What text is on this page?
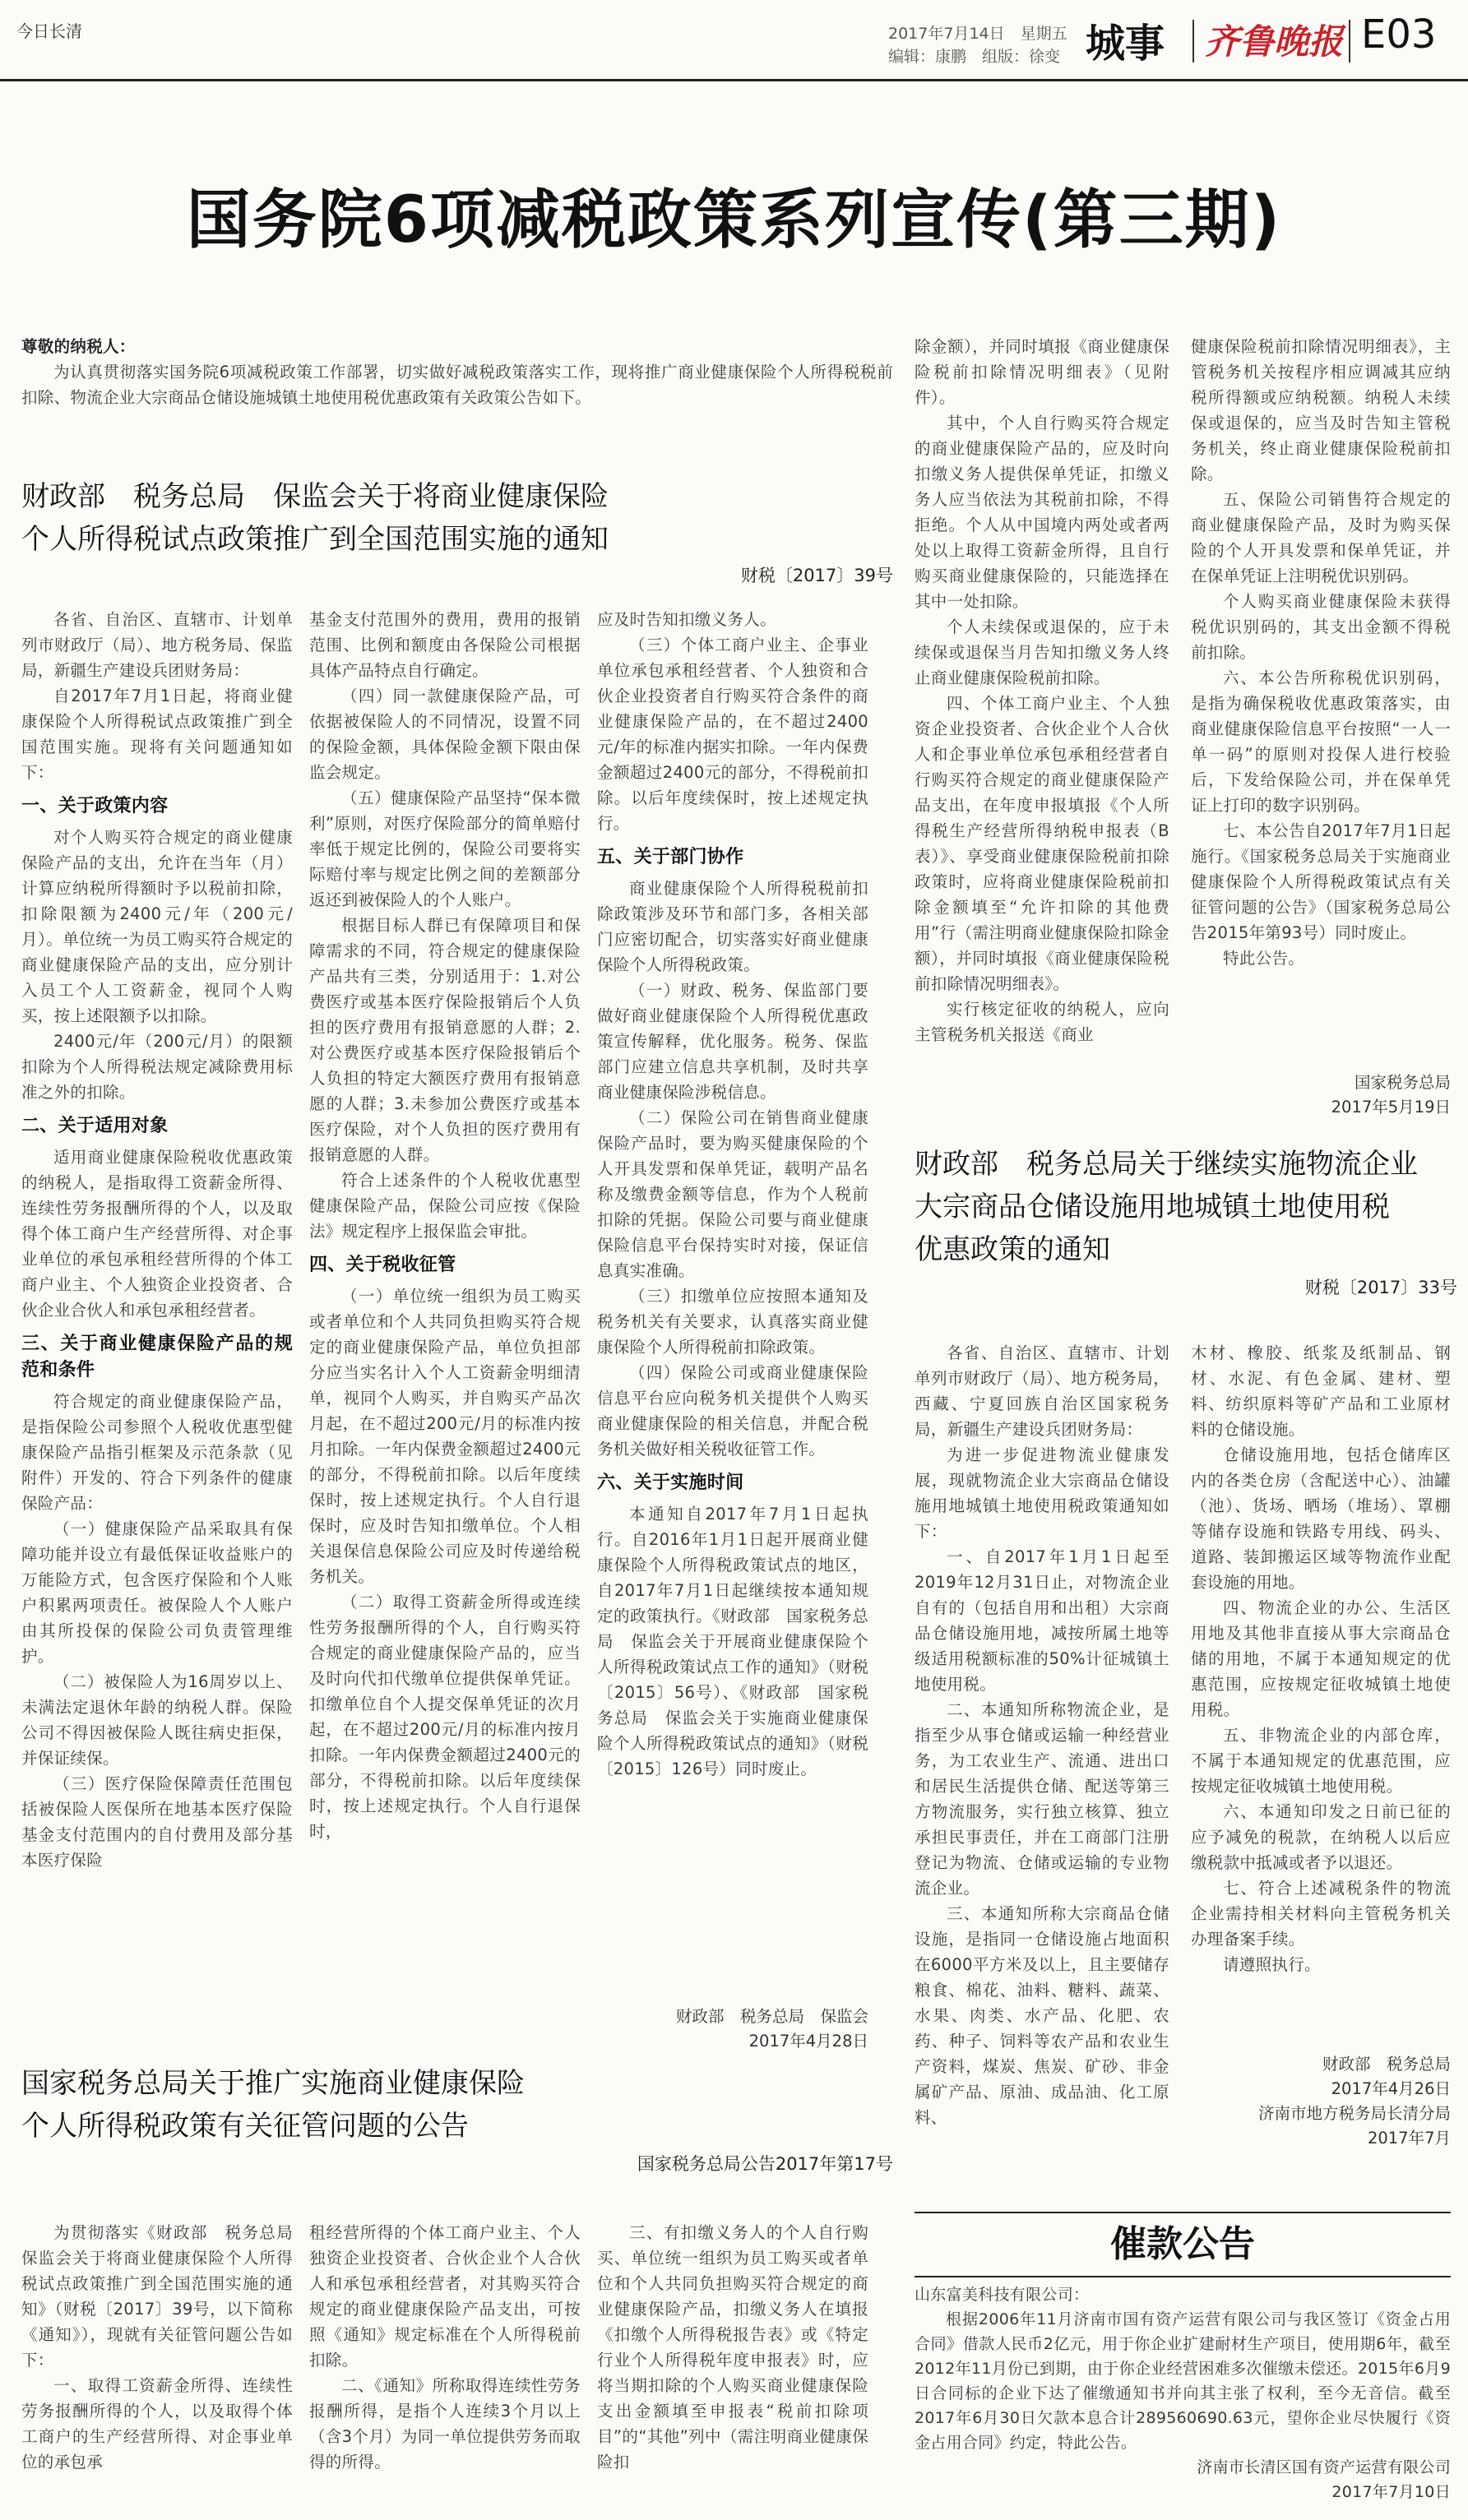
今日长清	2017年7月14日　星期五
编辑：康鹏　组版：徐变 城事 齐鲁晚报 E03
国务院6项减税政策系列宣传(第三期)
尊敬的纳税人：

为认真贯彻落实国务院6项减税政策工作部署，切实做好减税政策落实工作，现将推广商业健康保险个人所得税税前扣除、物流企业大宗商品仓储设施城镇土地使用税优惠政策有关政策公告如下。

财政部　税务总局　保监会关于将商业健康保险
个人所得税试点政策推广到全国范围实施的通知
财税〔2017〕39号

各省、自治区、直辖市、计划单列市财政厅（局）、地方税务局、保监局，新疆生产建设兵团财务局：

自2017年7月1日起，将商业健康保险个人所得税试点政策推广到全国范围实施。现将有关问题通知如下：

一、关于政策内容

对个人购买符合规定的商业健康保险产品的支出，允许在当年（月）计算应纳税所得额时予以税前扣除，扣除限额为2400元/年（200元/月）。单位统一为员工购买符合规定的商业健康保险产品的支出，应分别计入员工个人工资薪金，视同个人购买，按上述限额予以扣除。

2400元/年（200元/月）的限额扣除为个人所得税法规定减除费用标准之外的扣除。

二、关于适用对象

适用商业健康保险税收优惠政策的纳税人，是指取得工资薪金所得、连续性劳务报酬所得的个人，以及取得个体工商户生产经营所得、对企事业单位的承包承租经营所得的个体工商户业主、个人独资企业投资者、合伙企业合伙人和承包承租经营者。

三、关于商业健康保险产品的规范和条件

符合规定的商业健康保险产品，是指保险公司参照个人税收优惠型健康保险产品指引框架及示范条款（见附件）开发的、符合下列条件的健康保险产品：

（一）健康保险产品采取具有保障功能并设立有最低保证收益账户的万能险方式，包含医疗保险和个人账户积累两项责任。被保险人个人账户由其所投保的保险公司负责管理维护。

（二）被保险人为16周岁以上、未满法定退休年龄的纳税人群。保险公司不得因被保险人既往病史拒保，并保证续保。

（三）医疗保险保障责任范围包括被保险人医保所在地基本医疗保险基金支付范围内的自付费用及部分基本医疗保险

基金支付范围外的费用，费用的报销范围、比例和额度由各保险公司根据具体产品特点自行确定。

（四）同一款健康保险产品，可依据被保险人的不同情况，设置不同的保险金额，具体保险金额下限由保监会规定。

（五）健康保险产品坚持“保本微利”原则，对医疗保险部分的简单赔付率低于规定比例的，保险公司要将实际赔付率与规定比例之间的差额部分返还到被保险人的个人账户。

根据目标人群已有保障项目和保障需求的不同，符合规定的健康保险产品共有三类，分别适用于：1.对公费医疗或基本医疗保险报销后个人负担的医疗费用有报销意愿的人群；2.对公费医疗或基本医疗保险报销后个人负担的特定大额医疗费用有报销意愿的人群；3.未参加公费医疗或基本医疗保险，对个人负担的医疗费用有报销意愿的人群。

符合上述条件的个人税收优惠型健康保险产品，保险公司应按《保险法》规定程序上报保监会审批。

四、关于税收征管

（一）单位统一组织为员工购买或者单位和个人共同负担购买符合规定的商业健康保险产品，单位负担部分应当实名计入个人工资薪金明细清单，视同个人购买，并自购买产品次月起，在不超过200元/月的标准内按月扣除。一年内保费金额超过2400元的部分，不得税前扣除。以后年度续保时，按上述规定执行。个人自行退保时，应及时告知扣缴单位。个人相关退保信息保险公司应及时传递给税务机关。

（二）取得工资薪金所得或连续性劳务报酬所得的个人，自行购买符合规定的商业健康保险产品的，应当及时向代扣代缴单位提供保单凭证。扣缴单位自个人提交保单凭证的次月起，在不超过200元/月的标准内按月扣除。一年内保费金额超过2400元的部分，不得税前扣除。以后年度续保时，按上述规定执行。个人自行退保时，

应及时告知扣缴义务人。

（三）个体工商户业主、企事业单位承包承租经营者、个人独资和合伙企业投资者自行购买符合条件的商业健康保险产品的，在不超过2400元/年的标准内据实扣除。一年内保费金额超过2400元的部分，不得税前扣除。以后年度续保时，按上述规定执行。

五、关于部门协作

商业健康保险个人所得税税前扣除政策涉及环节和部门多，各相关部门应密切配合，切实落实好商业健康保险个人所得税政策。

（一）财政、税务、保监部门要做好商业健康保险个人所得税优惠政策宣传解释，优化服务。税务、保监部门应建立信息共享机制，及时共享商业健康保险涉税信息。

（二）保险公司在销售商业健康保险产品时，要为购买健康保险的个人开具发票和保单凭证，载明产品名称及缴费金额等信息，作为个人税前扣除的凭据。保险公司要与商业健康保险信息平台保持实时对接，保证信息真实准确。

（三）扣缴单位应按照本通知及税务机关有关要求，认真落实商业健康保险个人所得税前扣除政策。

（四）保险公司或商业健康保险信息平台应向税务机关提供个人购买商业健康保险的相关信息，并配合税务机关做好相关税收征管工作。

六、关于实施时间

本通知自2017年7月1日起执行。自2016年1月1日起开展商业健康保险个人所得税政策试点的地区，自2017年7月1日起继续按本通知规定的政策执行。《财政部　国家税务总局　保监会关于开展商业健康保险个人所得税政策试点工作的通知》（财税〔2015〕56号）、《财政部　国家税务总局　保监会关于实施商业健康保险个人所得税政策试点的通知》（财税〔2015〕126号）同时废止。

财政部　税务总局　保监会
2017年4月28日

除金额），并同时填报《商业健康保险税前扣除情况明细表》（见附件）。

其中，个人自行购买符合规定的商业健康保险产品的，应及时向扣缴义务人提供保单凭证，扣缴义务人应当依法为其税前扣除，不得拒绝。个人从中国境内两处或者两处以上取得工资薪金所得，且自行购买商业健康保险的，只能选择在其中一处扣除。

个人未续保或退保的，应于未续保或退保当月告知扣缴义务人终止商业健康保险税前扣除。

四、个体工商户业主、个人独资企业投资者、合伙企业个人合伙人和企事业单位承包承租经营者自行购买符合规定的商业健康保险产品支出，在年度申报填报《个人所得税生产经营所得纳税申报表（B表）》、享受商业健康保险税前扣除政策时，应将商业健康保险税前扣除金额填至“允许扣除的其他费用”行（需注明商业健康保险扣除金额），并同时填报《商业健康保险税前扣除情况明细表》。

实行核定征收的纳税人，应向主管税务机关报送《商业

健康保险税前扣除情况明细表》，主管税务机关按程序相应调减其应纳税所得额或应纳税额。纳税人未续保或退保的，应当及时告知主管税务机关，终止商业健康保险税前扣除。

五、保险公司销售符合规定的商业健康保险产品，及时为购买保险的个人开具发票和保单凭证，并在保单凭证上注明税优识别码。

个人购买商业健康保险未获得税优识别码的，其支出金额不得税前扣除。

六、本公告所称税优识别码，是指为确保税收优惠政策落实，由商业健康保险信息平台按照“一人一单一码”的原则对投保人进行校验后，下发给保险公司，并在保单凭证上打印的数字识别码。

七、本公告自2017年7月1日起施行。《国家税务总局关于实施商业健康保险个人所得税政策试点有关征管问题的公告》（国家税务总局公告2015年第93号）同时废止。

特此公告。

国家税务总局
2017年5月19日
国家税务总局关于推广实施商业健康保险
个人所得税政策有关征管问题的公告
国家税务总局公告2017年第17号

为贯彻落实《财政部　税务总局　保监会关于将商业健康保险个人所得税试点政策推广到全国范围实施的通知》（财税〔2017〕39号，以下简称《通知》），现就有关征管问题公告如下：

一、取得工资薪金所得、连续性劳务报酬所得的个人，以及取得个体工商户的生产经营所得、对企事业单位的承包承

租经营所得的个体工商户业主、个人独资企业投资者、合伙企业个人合伙人和承包承租经营者，对其购买符合规定的商业健康保险产品支出，可按照《通知》规定标准在个人所得税前扣除。

二、《通知》所称取得连续性劳务报酬所得，是指个人连续3个月以上（含3个月）为同一单位提供劳务而取得的所得。

三、有扣缴义务人的个人自行购买、单位统一组织为员工购买或者单位和个人共同负担购买符合规定的商业健康保险产品，扣缴义务人在填报《扣缴个人所得税报告表》或《特定行业个人所得税年度申报表》时，应将当期扣除的个人购买商业健康保险支出金额填至申报表“税前扣除项目”的“其他”列中（需注明商业健康保险扣

财政部　税务总局关于继续实施物流企业
大宗商品仓储设施用地城镇土地使用税
优惠政策的通知
财税〔2017〕33号

各省、自治区、直辖市、计划单列市财政厅（局）、地方税务局，西藏、宁夏回族自治区国家税务局，新疆生产建设兵团财务局：

为进一步促进物流业健康发展，现就物流企业大宗商品仓储设施用地城镇土地使用税政策通知如下：

一、自2017年1月1日起至2019年12月31日止，对物流企业自有的（包括自用和出租）大宗商品仓储设施用地，减按所属土地等级适用税额标准的50%计征城镇土地使用税。

二、本通知所称物流企业，是指至少从事仓储或运输一种经营业务，为工农业生产、流通、进出口和居民生活提供仓储、配送等第三方物流服务，实行独立核算、独立承担民事责任，并在工商部门注册登记为物流、仓储或运输的专业物流企业。

三、本通知所称大宗商品仓储设施，是指同一仓储设施占地面积在6000平方米及以上，且主要储存粮食、棉花、油料、糖料、蔬菜、水果、肉类、水产品、化肥、农药、种子、饲料等农产品和农业生产资料，煤炭、焦炭、矿砂、非金属矿产品、原油、成品油、化工原料、

木材、橡胶、纸浆及纸制品、钢材、水泥、有色金属、建材、塑料、纺织原料等矿产品和工业原材料的仓储设施。

仓储设施用地，包括仓储库区内的各类仓房（含配送中心）、油罐（池）、货场、晒场（堆场）、罩棚等储存设施和铁路专用线、码头、道路、装卸搬运区域等物流作业配套设施的用地。

四、物流企业的办公、生活区用地及其他非直接从事大宗商品仓储的用地，不属于本通知规定的优惠范围，应按规定征收城镇土地使用税。

五、非物流企业的内部仓库，不属于本通知规定的优惠范围，应按规定征收城镇土地使用税。

六、本通知印发之日前已征的应予减免的税款，在纳税人以后应缴税款中抵减或者予以退还。

七、符合上述减税条件的物流企业需持相关材料向主管税务机关办理备案手续。

请遵照执行。

财政部　税务总局
2017年4月26日
济南市地方税务局长清分局
2017年7月
催款公告
山东富美科技有限公司：

根据2006年11月济南市国有资产运营有限公司与我区签订《资金占用合同》借款人民币2亿元，用于你企业扩建耐材生产项目，使用期6年，截至2012年11月份已到期，由于你企业经营困难多次催缴未偿还。2015年6月9日合同标的企业下达了催缴通知书并向其主张了权利，至今无音信。截至2017年6月30日欠款本息合计289560690.63元，望你企业尽快履行《资金占用合同》约定，特此公告。

济南市长清区国有资产运营有限公司
2017年7月10日
